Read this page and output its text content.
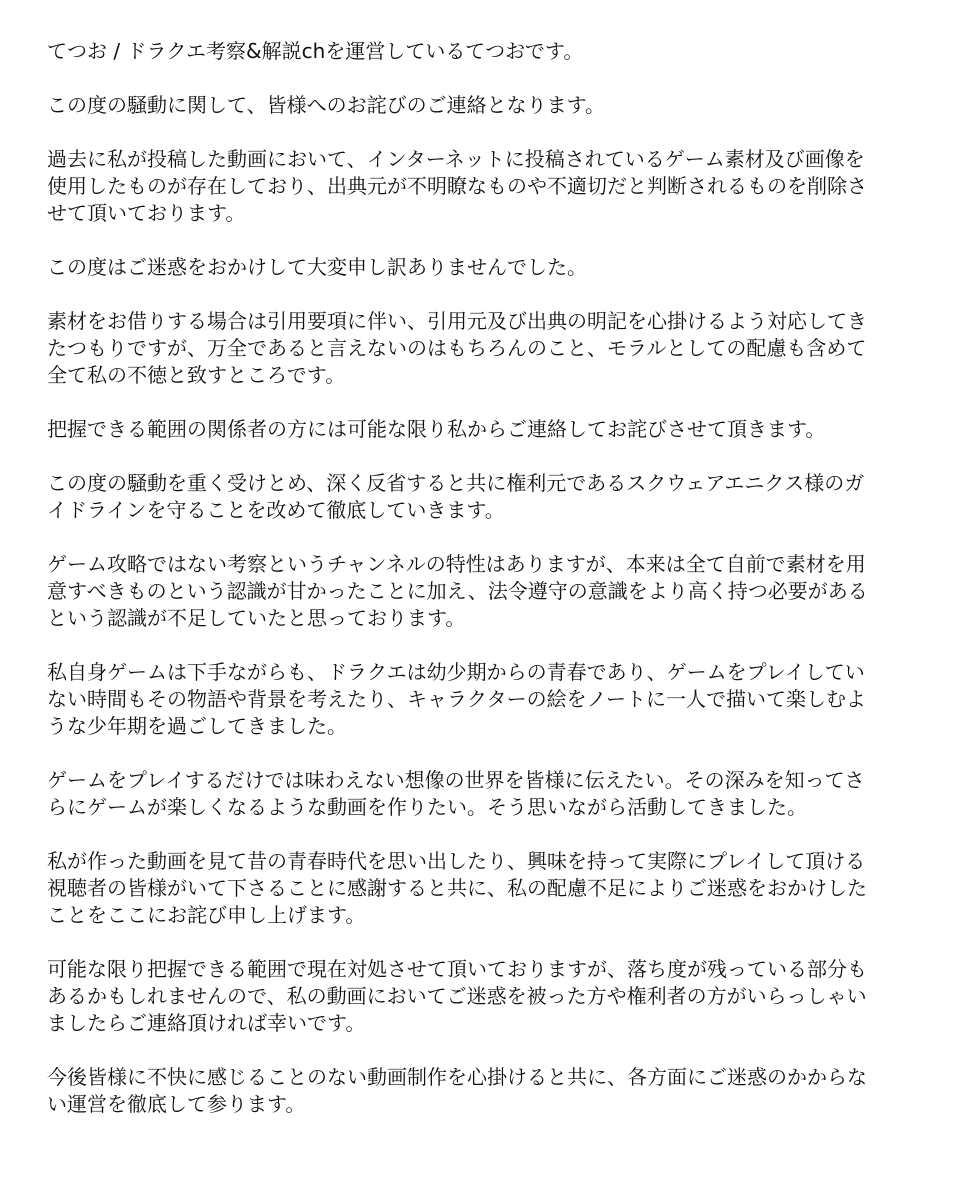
てつお / ドラクエ考察&解説chを運営しているてつおです。
この度の騒動に関して、皆様へのお詫びのご連絡となります。
過去に私が投稿した動画において、インターネットに投稿されているゲーム素材及び画像を
使用したものが存在しており、出典元が不明瞭なものや不適切だと判断されるものを削除さ
せて頂いております。
この度はご迷惑をおかけして大変申し訳ありませんでした。
素材をお借りする場合は引用要項に伴い、引用元及び出典の明記を心掛けるよう対応してき
たつもりですが、万全であると言えないのはもちろんのこと、モラルとしての配慮も含めて
全て私の不徳と致すところです。
把握できる範囲の関係者の方には可能な限り私からご連絡してお詫びさせて頂きます。
この度の騒動を重く受けとめ、深く反省すると共に権利元であるスクウェアエニクス様のガ
イドラインを守ることを改めて徹底していきます。
ゲーム攻略ではない考察というチャンネルの特性はありますが、本来は全て自前で素材を用
意すべきものという認識が甘かったことに加え、法令遵守の意識をより高く持つ必要がある
という認識が不足していたと思っております。
私自身ゲームは下手ながらも、ドラクエは幼少期からの青春であり、ゲームをプレイしてい
ない時間もその物語や背景を考えたり、キャラクターの絵をノートに一人で描いて楽しむよ
うな少年期を過ごしてきました。
ゲームをプレイするだけでは味わえない想像の世界を皆様に伝えたい。その深みを知ってさ
らにゲームが楽しくなるような動画を作りたい。そう思いながら活動してきました。
私が作った動画を見て昔の青春時代を思い出したり、興味を持って実際にプレイして頂ける
視聴者の皆様がいて下さることに感謝すると共に、私の配慮不足によりご迷惑をおかけした
ことをここにお詫び申し上げます。
可能な限り把握できる範囲で現在対処させて頂いておりますが、落ち度が残っている部分も
あるかもしれませんので、私の動画においてご迷惑を被った方や権利者の方がいらっしゃい
ましたらご連絡頂ければ幸いです。
今後皆様に不快に感じることのない動画制作を心掛けると共に、各方面にご迷惑のかからな
い運営を徹底して参ります。
